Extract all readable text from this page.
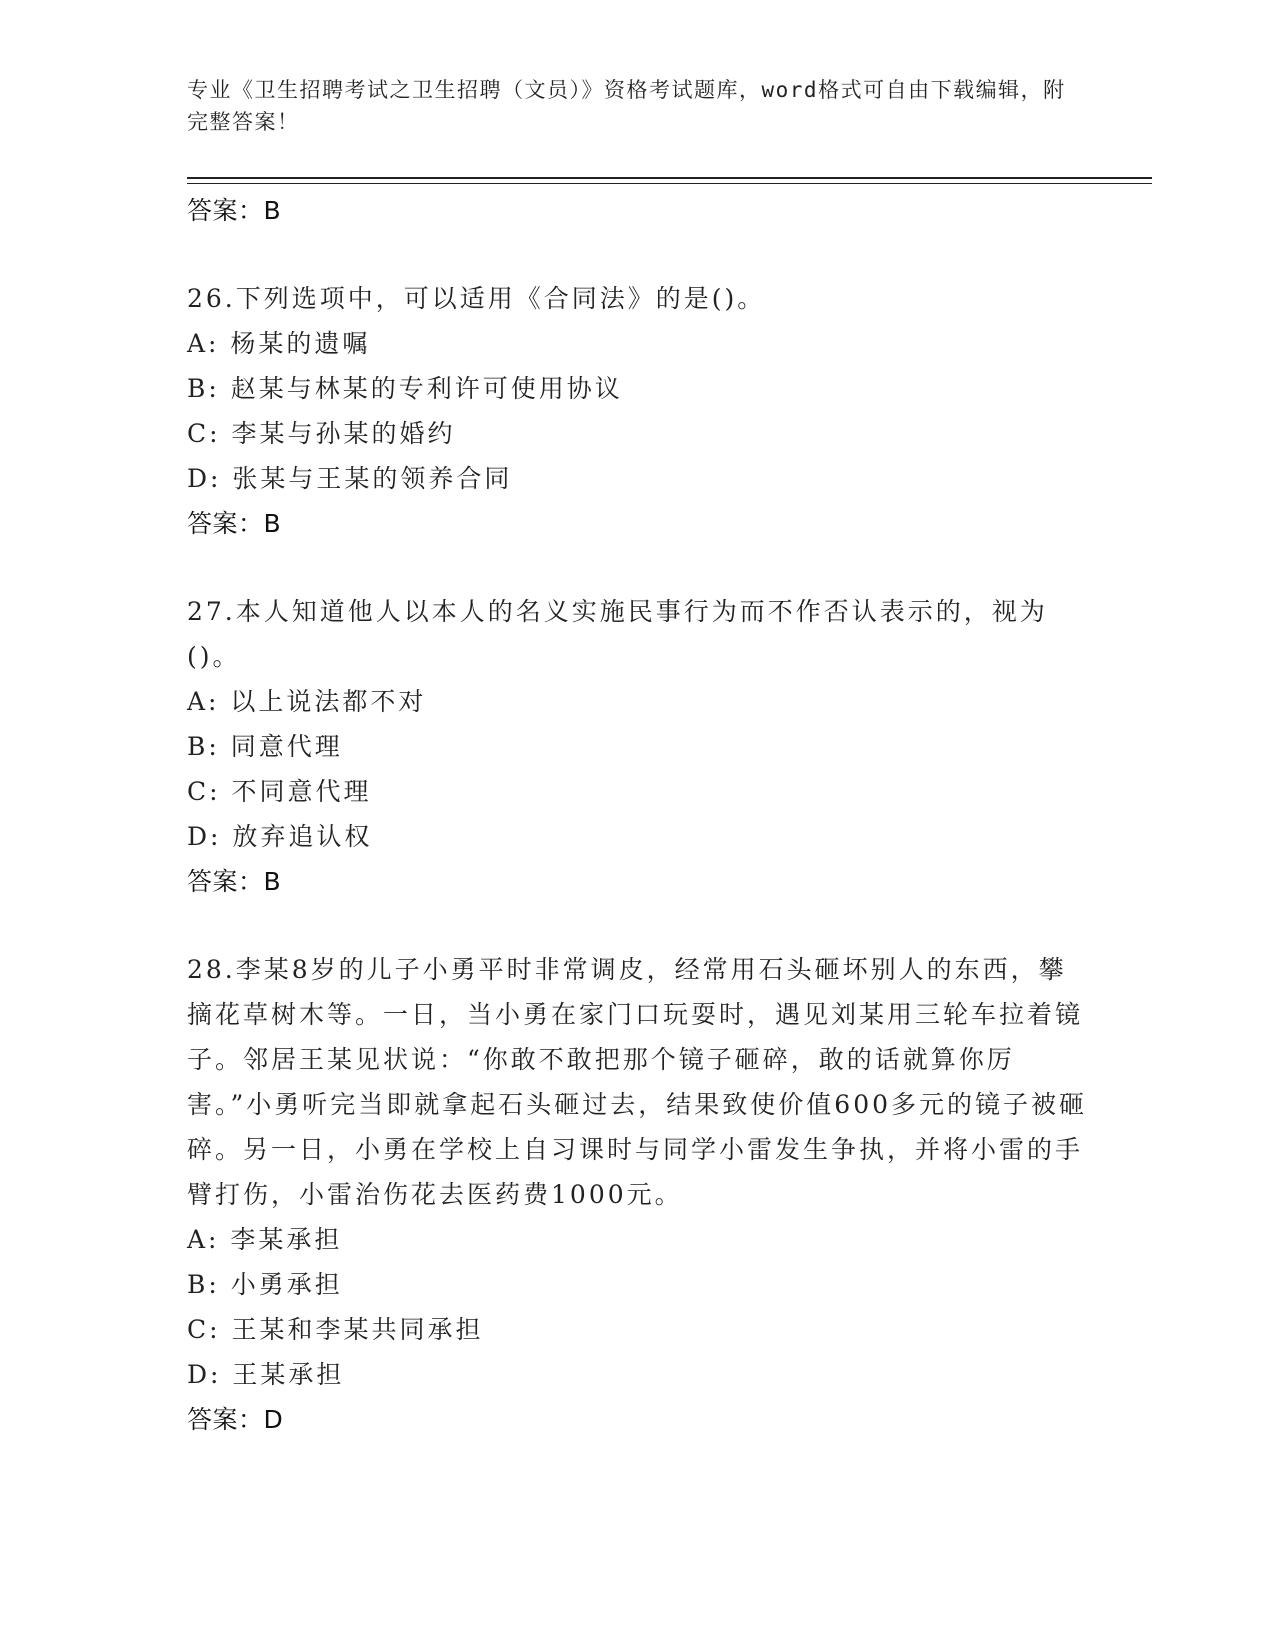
专业《卫生招聘考试之卫生招聘（文员）》资格考试题库，word格式可自由下载编辑，附完整答案！
答案：B
26.下列选项中，可以适用《合同法》的是()。
A: 杨某的遗嘱
B: 赵某与林某的专利许可使用协议
C: 李某与孙某的婚约
D: 张某与王某的领养合同
答案：B
27.本人知道他人以本人的名义实施民事行为而不作否认表示的，视为()。
A: 以上说法都不对
B: 同意代理
C: 不同意代理
D: 放弃追认权
答案：B
28.李某8岁的儿子小勇平时非常调皮，经常用石头砸坏别人的东西，攀摘花草树木等。一日，当小勇在家门口玩耍时，遇见刘某用三轮车拉着镜子。邻居王某见状说：“你敢不敢把那个镜子砸碎，敢的话就算你厉害。”小勇听完当即就拿起石头砸过去，结果致使价值600多元的镜子被砸碎。另一日，小勇在学校上自习课时与同学小雷发生争执，并将小雷的手臂打伤，小雷治伤花去医药费1000元。
A: 李某承担
B: 小勇承担
C: 王某和李某共同承担
D: 王某承担
答案：D
